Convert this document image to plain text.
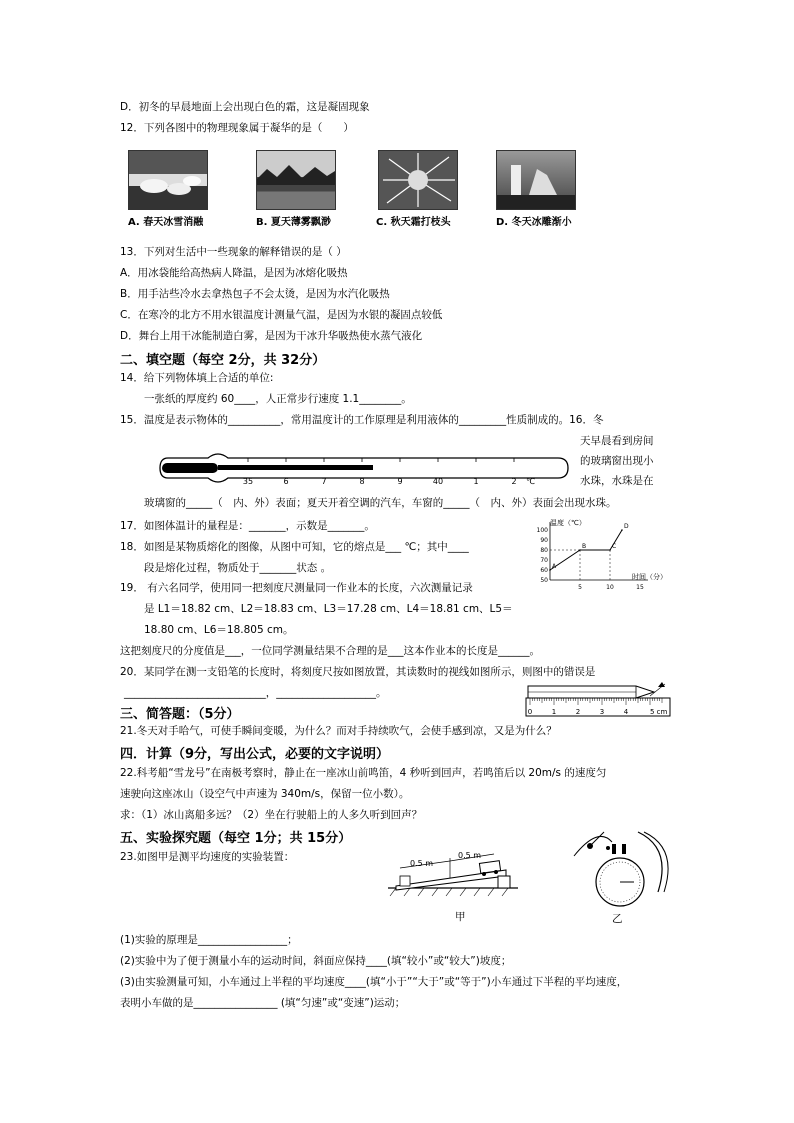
D．初冬的早晨地面上会出现白色的霜，这是凝固现象
12．下列各图中的物理现象属于凝华的是（　　）
A. 春天冰雪消融	B. 夏天薄雾飘渺	C. 秋天霜打枝头	D. 冬天冰雕渐小
13．下列对生活中一些现象的解释错误的是（ ）
A．用冰袋能给高热病人降温，是因为冰熔化吸热
B．用手沾些冷水去拿热包子不会太烫，是因为水汽化吸热
C．在寒冷的北方不用水银温度计测量气温，是因为水银的凝固点较低
D．舞台上用干冰能制造白雾，是因为干冰升华吸热使水蒸气液化
二、填空题（每空 2分，共 32分）
14．给下列物体填上合适的单位:
一张纸的厚度约 60____，人正常步行速度 1.1________。
15．温度是表示物体的__________，常用温度计的工作原理是利用液体的_________性质制成的。16．冬
天早晨看到房间
的玻璃窗出现小
水珠，水珠是在
35	6	7	8	9	40	1	2 ℃
玻璃窗的_____（　内、外）表面；夏天开着空调的汽车，车窗的_____（　内、外）表面会出现水珠。
17．如图体温计的量程是：_______，示数是_______。
18．如图是某物质熔化的图像，从图中可知，它的熔点是___ ℃；其中____
段是熔化过程，物质处于_______状态 。
温度（℃）
时间（分）
50
60
70
80
90
100
5	10	15
A
B	C
D
19． 有六名同学，使用同一把刻度尺测量同一作业本的长度，六次测量记录
是 L1＝18.82 cm、L2＝18.83 cm、L3＝17.28 cm、L4＝18.81 cm、L5＝
18.80 cm、L6＝18.805 cm。
这把刻度尺的分度值是___，一位同学测量结果不合理的是___这本作业本的长度是______。
20．某同学在测一支铅笔的长度时，将刻度尺按如图放置，其读数时的视线如图所示，则图中的错误是
___________________________，___________________。
0	1	2	3	4	5 cm
三、简答题：（5分）
21.冬天对手哈气，可使手瞬间变暖，为什么？而对手持续吹气，会使手感到凉，又是为什么？
四．计算（9分，写出公式，必要的文字说明）
22.科考船“雪龙号”在南极考察时，静止在一座冰山前鸣笛，4 秒听到回声，若鸣笛后以 20m/s 的速度匀
速驶向这座冰山（设空气中声速为 340m/s，保留一位小数）。
求：（1）冰山离船多远？（2）坐在行驶船上的人多久听到回声？
五、实验探究题（每空 1分；共 15分）
23.如图甲是测平均速度的实验装置：
0.5 m
0.5 m
甲	乙
(1)实验的原理是_________________；
(2)实验中为了便于测量小车的运动时间，斜面应保持____(填“较小”或“较大”)坡度；
(3)由实验测量可知，小车通过上半程的平均速度____(填“小于”“大于”或“等于”)小车通过下半程的平均速度，
表明小车做的是________________ (填“匀速”或“变速”)运动；
